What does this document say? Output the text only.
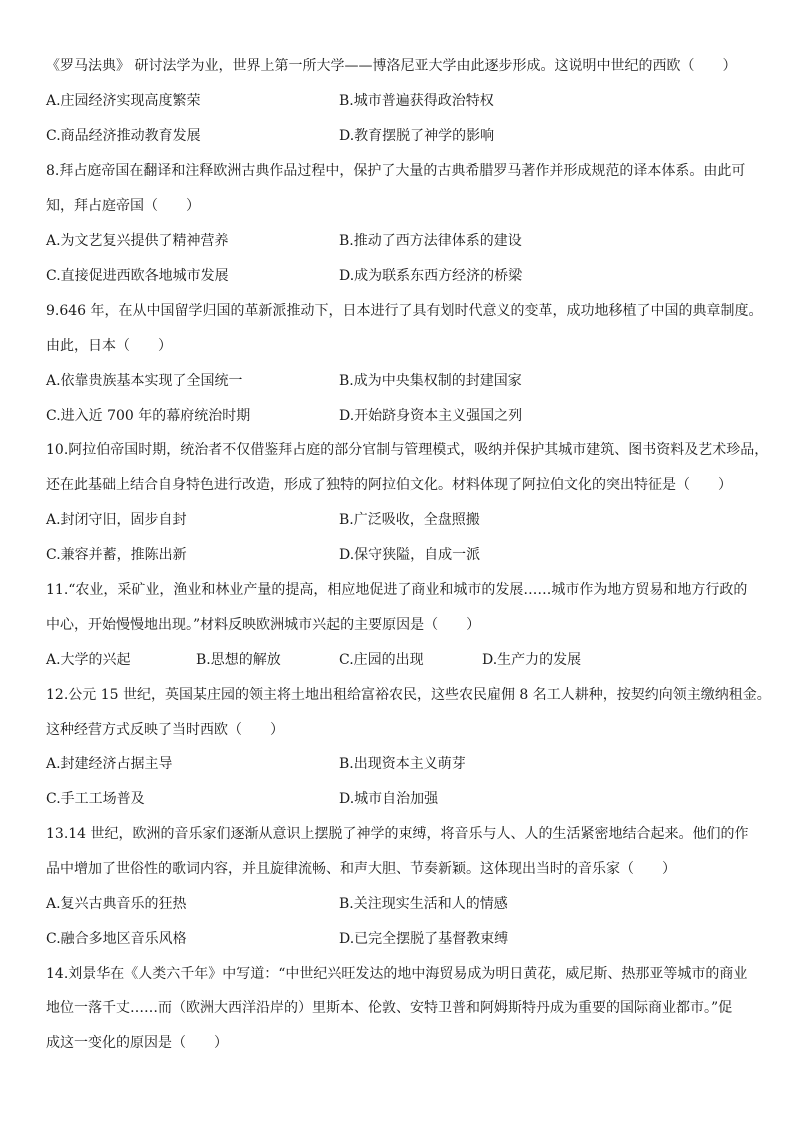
《罗马法典》 研讨法学为业，世界上第一所大学——博洛尼亚大学由此逐步形成。这说明中世纪的西欧（　　）
A.庄园经济实现高度繁荣	B.城市普遍获得政治特权
C.商品经济推动教育发展	D.教育摆脱了神学的影响
8.拜占庭帝国在翻译和注释欧洲古典作品过程中，保护了大量的古典希腊罗马著作并形成规范的译本体系。由此可
知，拜占庭帝国（　　）
A.为文艺复兴提供了精神营养	B.推动了西方法律体系的建设
C.直接促进西欧各地城市发展	D.成为联系东西方经济的桥梁
9.646 年，在从中国留学归国的革新派推动下，日本进行了具有划时代意义的变革，成功地移植了中国的典章制度。
由此，日本（　　）
A.依靠贵族基本实现了全国统一	B.成为中央集权制的封建国家
C.进入近 700 年的幕府统治时期	D.开始跻身资本主义强国之列
10.阿拉伯帝国时期，统治者不仅借鉴拜占庭的部分官制与管理模式，吸纳并保护其城市建筑、图书资料及艺术珍品，
还在此基础上结合自身特色进行改造，形成了独特的阿拉伯文化。材料体现了阿拉伯文化的突出特征是（　　）
A.封闭守旧，固步自封	B.广泛吸收，全盘照搬
C.兼容并蓄，推陈出新	D.保守狭隘，自成一派
11.“农业，采矿业，渔业和林业产量的提高，相应地促进了商业和城市的发展……城市作为地方贸易和地方行政的
中心，开始慢慢地出现。”材料反映欧洲城市兴起的主要原因是（　　）
A.大学的兴起	B.思想的解放	C.庄园的出现	D.生产力的发展
12.公元 15 世纪，英国某庄园的领主将土地出租给富裕农民，这些农民雇佣 8 名工人耕种，按契约向领主缴纳租金。
这种经营方式反映了当时西欧（　　）
A.封建经济占据主导	B.出现资本主义萌芽
C.手工工场普及	D.城市自治加强
13.14 世纪，欧洲的音乐家们逐渐从意识上摆脱了神学的束缚，将音乐与人、人的生活紧密地结合起来。他们的作
品中增加了世俗性的歌词内容，并且旋律流畅、和声大胆、节奏新颖。这体现出当时的音乐家（　　）
A.复兴古典音乐的狂热	B.关注现实生活和人的情感
C.融合多地区音乐风格	D.已完全摆脱了基督教束缚
14.刘景华在《人类六千年》中写道：“中世纪兴旺发达的地中海贸易成为明日黄花，威尼斯、热那亚等城市的商业
地位一落千丈……而（欧洲大西洋沿岸的）里斯本、伦敦、安特卫普和阿姆斯特丹成为重要的国际商业都市。”促
成这一变化的原因是（　　）
